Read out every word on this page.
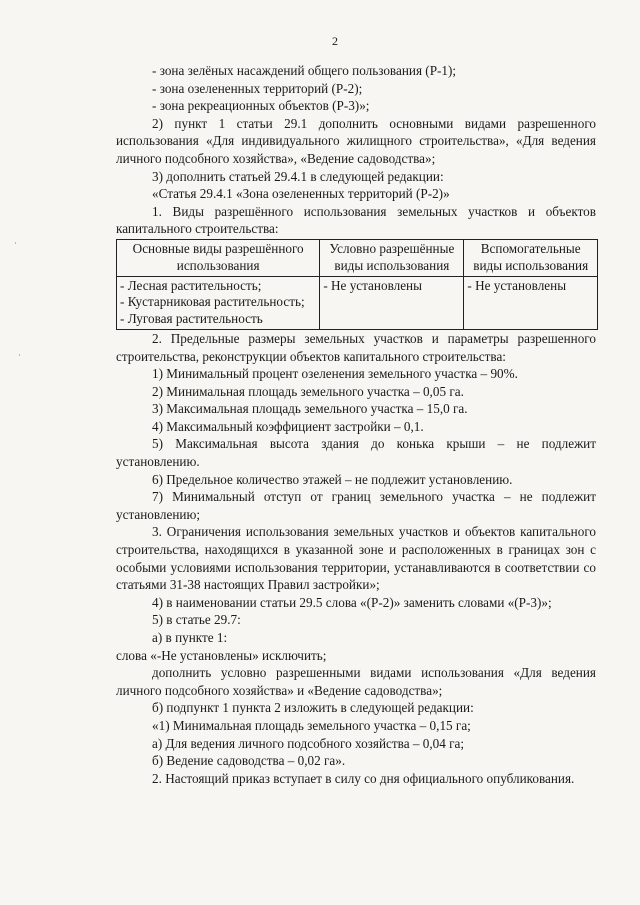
2

- зона зелёных насаждений общего пользования (Р-1);

- зона озелененных территорий (Р-2);

- зона рекреационных объектов (Р-3)»;

2) пункт 1 статьи 29.1 дополнить основными видами разрешенного использования «Для индивидуального жилищного строительства», «Для ведения личного подсобного хозяйства», «Ведение садоводства»;

3) дополнить статьей 29.4.1 в следующей редакции:

«Статья 29.4.1 «Зона озелененных территорий (Р-2)»

1. Виды разрешённого использования земельных участков и объектов капитального строительства:

Основные виды разрешённого использования	Условно разрешённые виды использования	Вспомогательные виды использования

- Лесная растительность;
- Кустарниковая растительность;
- Луговая растительность	- Не установлены	- Не установлены

2. Предельные размеры земельных участков и параметры разрешенного строительства, реконструкции объектов капитального строительства:

1) Минимальный процент озеленения земельного участка – 90%.

2) Минимальная площадь земельного участка – 0,05 га.

3) Максимальная площадь земельного участка – 15,0 га.

4) Максимальный коэффициент застройки – 0,1.

5) Максимальная высота здания до конька крыши – не подлежит установлению.

6) Предельное количество этажей – не подлежит установлению.

7) Минимальный отступ от границ земельного участка – не подлежит установлению;

3. Ограничения использования земельных участков и объектов капитального строительства, находящихся в указанной зоне и расположенных в границах зон с особыми условиями использования территории, устанавливаются в соответствии со статьями 31-38 настоящих Правил застройки»;

4) в наименовании статьи 29.5 слова «(Р-2)» заменить словами «(Р-3)»;

5) в статье 29.7:

а) в пункте 1:

слова «-Не установлены» исключить;

дополнить условно разрешенными видами использования «Для ведения личного подсобного хозяйства» и «Ведение садоводства»;

б) подпункт 1 пункта 2 изложить в следующей редакции:

«1) Минимальная площадь земельного участка – 0,15 га;

а) Для ведения личного подсобного хозяйства – 0,04 га;

б) Ведение садоводства – 0,02 га».

2. Настоящий приказ вступает в силу со дня официального опубликования.

·
·
